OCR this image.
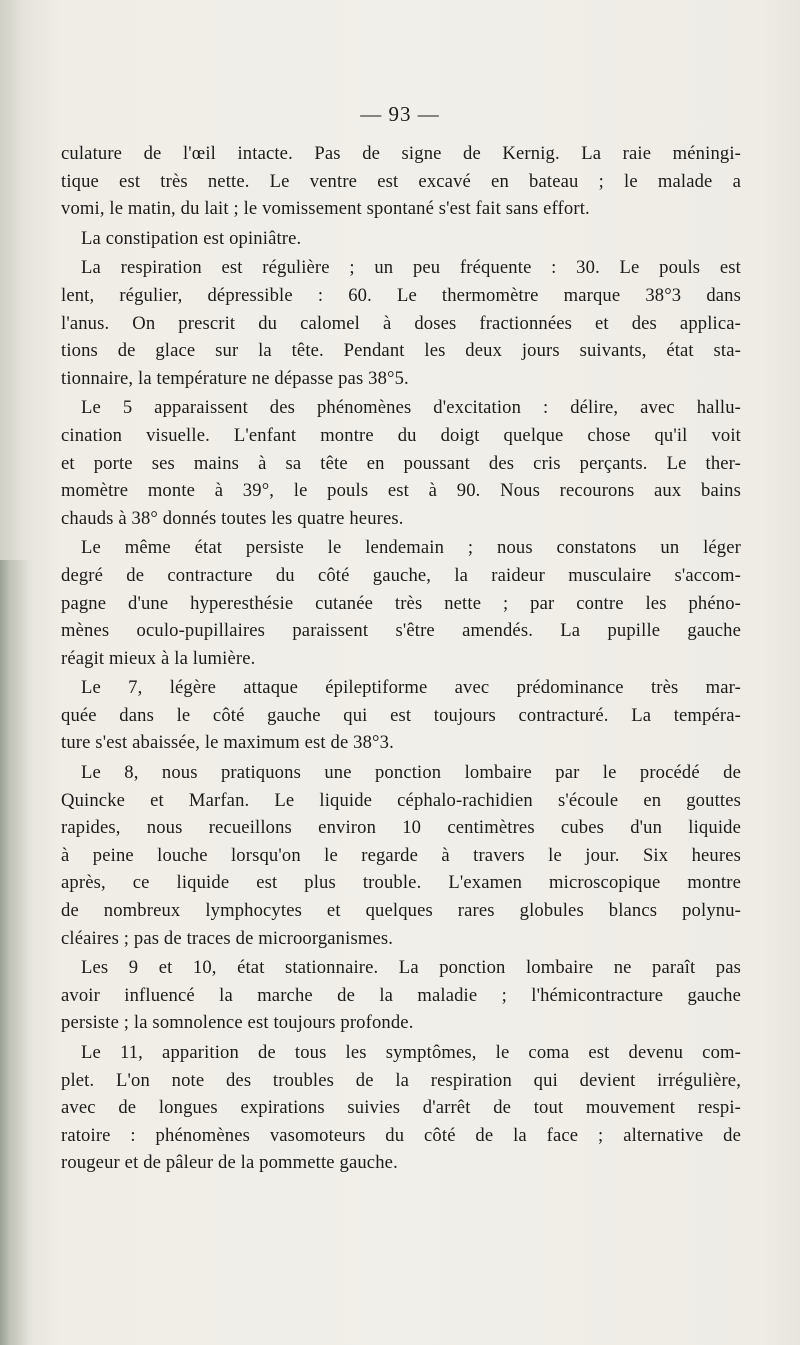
— 93 —
culature de l'œil intacte. Pas de signe de Kernig. La raie méningi-
tique est très nette. Le ventre est excavé en bateau ; le malade a
vomi, le matin, du lait ; le vomissement spontané s'est fait sans effort.
La constipation est opiniâtre.
La respiration est régulière ; un peu fréquente : 30. Le pouls est
lent, régulier, dépressible : 60. Le thermomètre marque 38°3 dans
l'anus. On prescrit du calomel à doses fractionnées et des applica-
tions de glace sur la tête. Pendant les deux jours suivants, état sta-
tionnaire, la température ne dépasse pas 38°5.
Le 5 apparaissent des phénomènes d'excitation : délire, avec hallu-
cination visuelle. L'enfant montre du doigt quelque chose qu'il voit
et porte ses mains à sa tête en poussant des cris perçants. Le ther-
momètre monte à 39°, le pouls est à 90. Nous recourons aux bains
chauds à 38° donnés toutes les quatre heures.
Le même état persiste le lendemain ; nous constatons un léger
degré de contracture du côté gauche, la raideur musculaire s'accom-
pagne d'une hyperesthésie cutanée très nette ; par contre les phéno-
mènes oculo-pupillaires paraissent s'être amendés. La pupille gauche
réagit mieux à la lumière.
Le 7, légère attaque épileptiforme avec prédominance très mar-
quée dans le côté gauche qui est toujours contracturé. La tempéra-
ture s'est abaissée, le maximum est de 38°3.
Le 8, nous pratiquons une ponction lombaire par le procédé de
Quincke et Marfan. Le liquide céphalo-rachidien s'écoule en gouttes
rapides, nous recueillons environ 10 centimètres cubes d'un liquide
à peine louche lorsqu'on le regarde à travers le jour. Six heures
après, ce liquide est plus trouble. L'examen microscopique montre
de nombreux lymphocytes et quelques rares globules blancs polynu-
cléaires ; pas de traces de microorganismes.
Les 9 et 10, état stationnaire. La ponction lombaire ne paraît pas
avoir influencé la marche de la maladie ; l'hémicontracture gauche
persiste ; la somnolence est toujours profonde.
Le 11, apparition de tous les symptômes, le coma est devenu com-
plet. L'on note des troubles de la respiration qui devient irrégulière,
avec de longues expirations suivies d'arrêt de tout mouvement respi-
ratoire : phénomènes vasomoteurs du côté de la face ; alternative de
rougeur et de pâleur de la pommette gauche.
